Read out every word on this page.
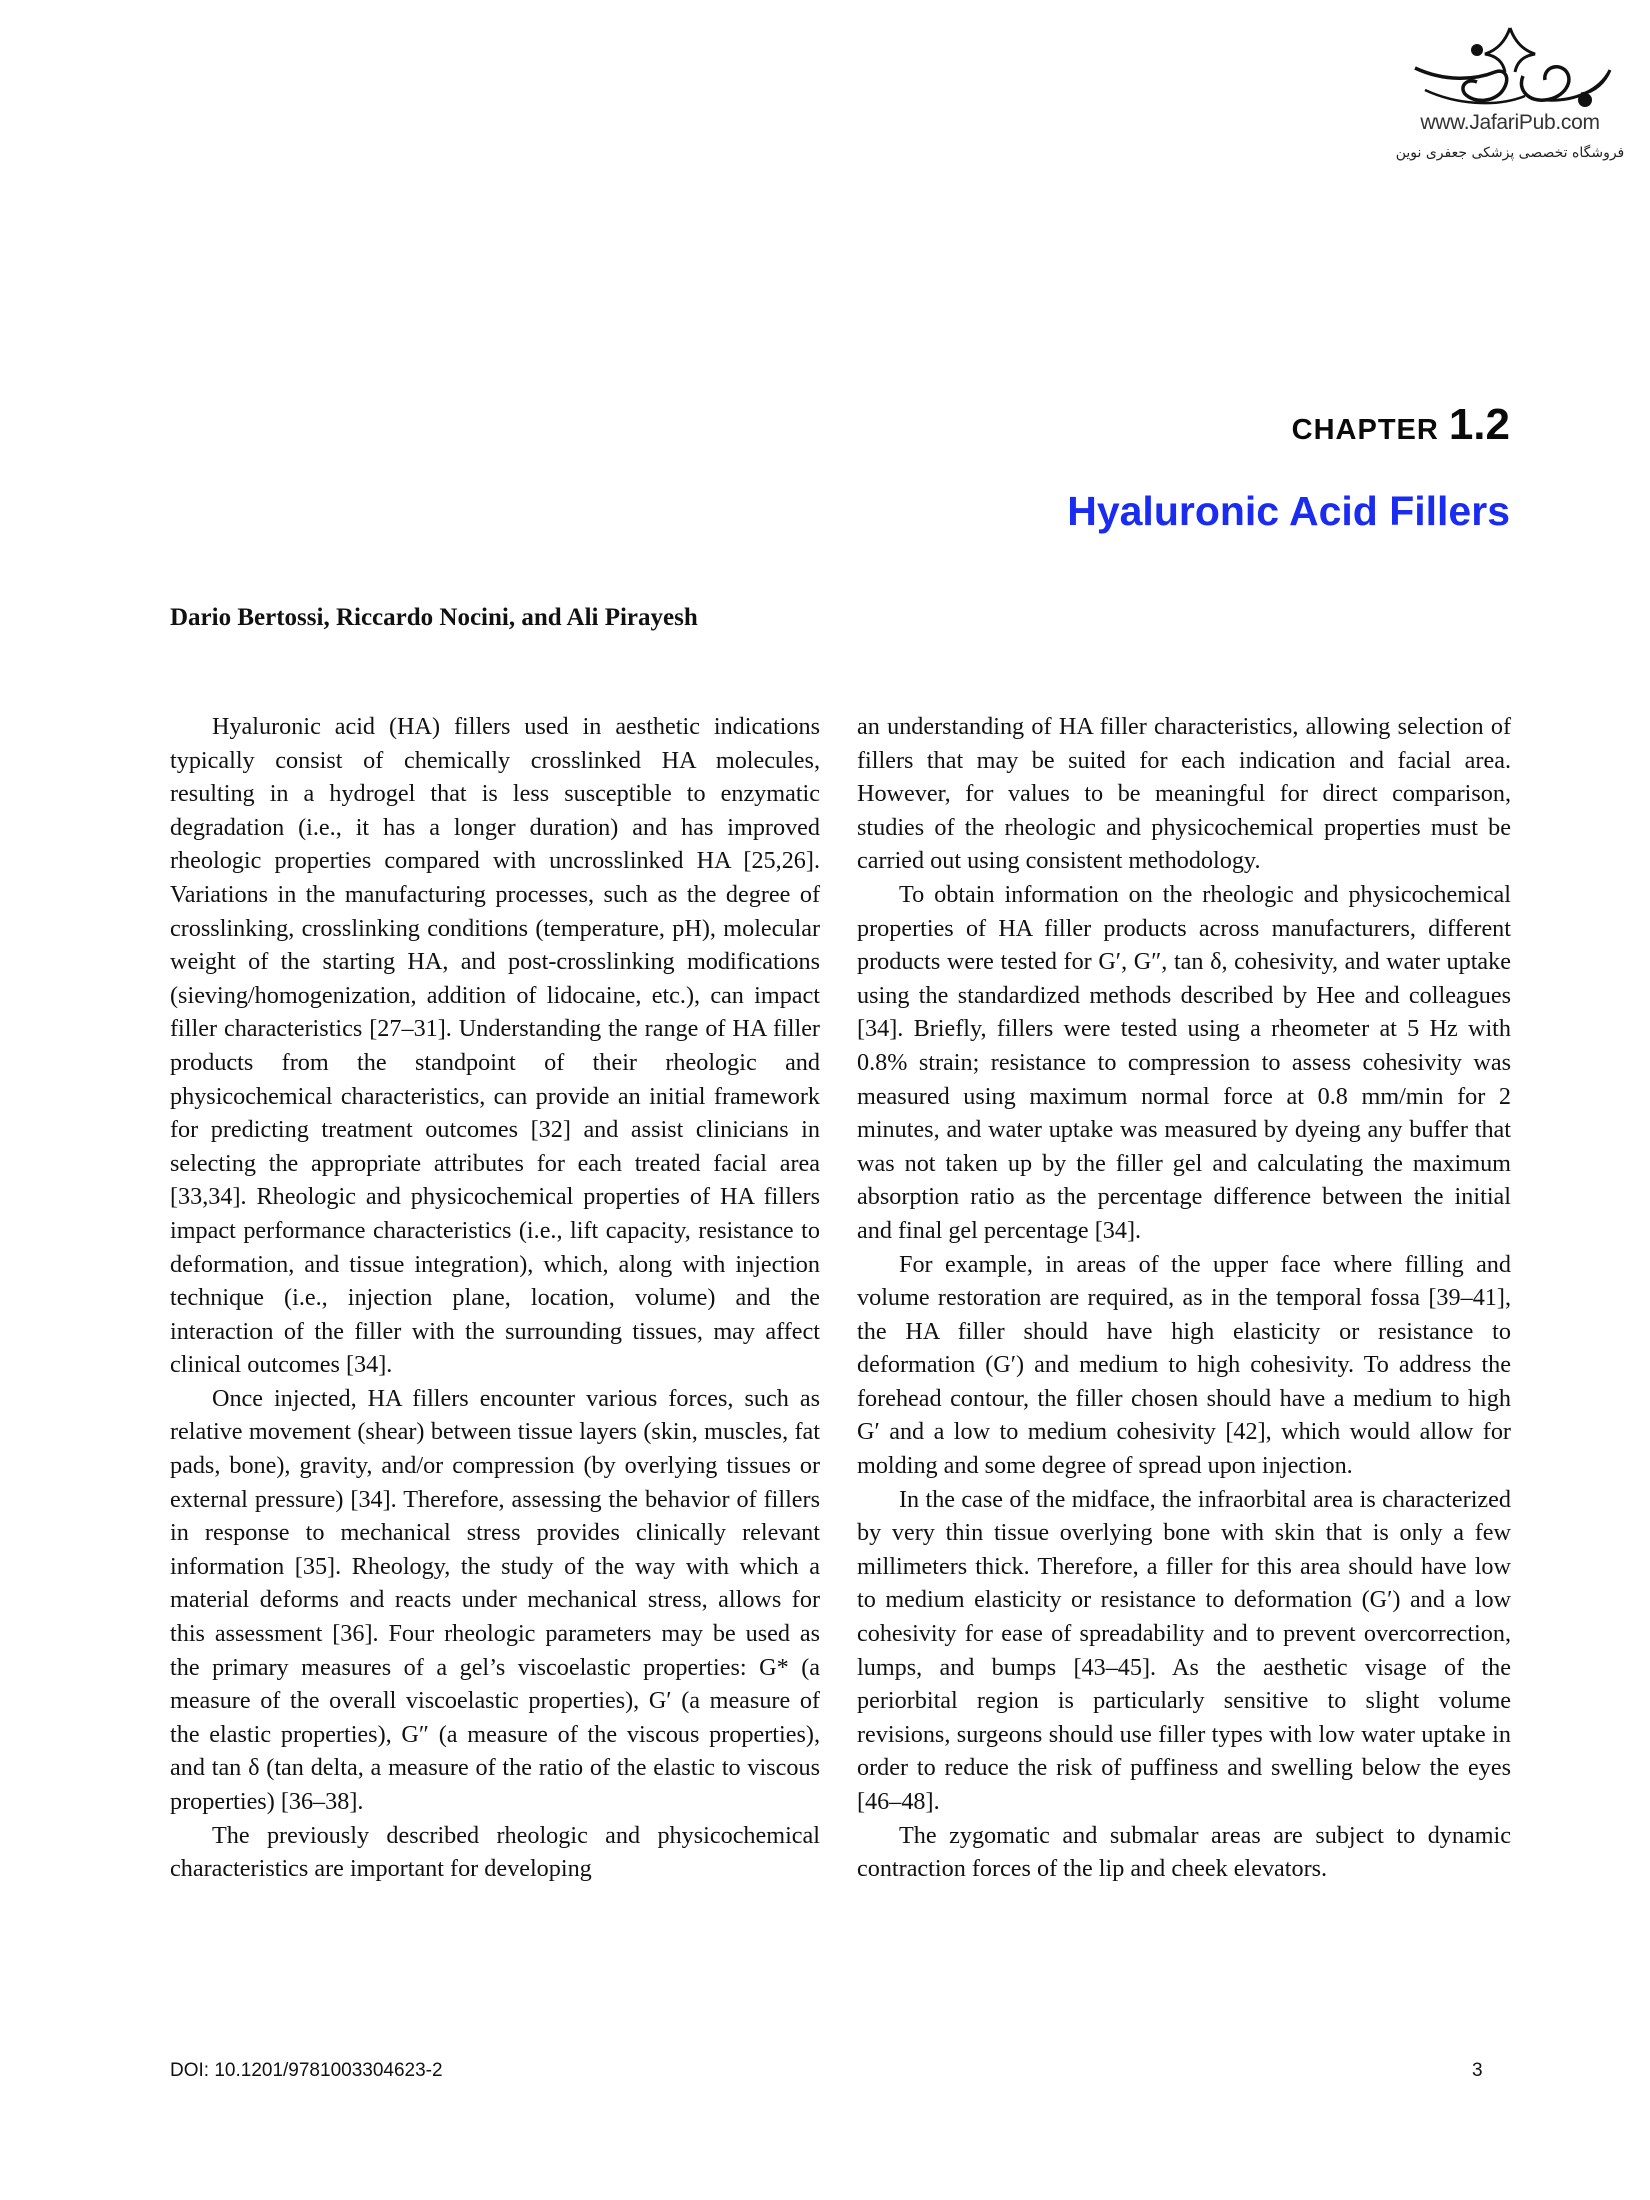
www.JafariPub.com
فروشگاه تخصصی پزشکی جعفری نوین
CHAPTER 1.2
Hyaluronic Acid Fillers
Dario Bertossi, Riccardo Nocini, and Ali Pirayesh

Hyaluronic acid (HA) fillers used in aesthetic indications typically consist of chemically crosslinked HA molecules, resulting in a hydrogel that is less susceptible to enzymatic degradation (i.e., it has a longer duration) and has improved rheologic properties compared with uncrosslinked HA [25,26]. Variations in the manufacturing processes, such as the degree of crosslinking, crosslinking conditions (temperature, pH), molecular weight of the starting HA, and post-crosslinking modifications (sieving/homogenization, addition of lidocaine, etc.), can impact filler characteristics [27–31]. Understanding the range of HA filler products from the standpoint of their rheologic and physicochemical characteristics, can provide an initial framework for predicting treatment outcomes [32] and assist clinicians in selecting the appropriate attributes for each treated facial area [33,34]. Rheologic and physicochemical properties of HA fillers impact performance characteristics (i.e., lift capacity, resistance to deformation, and tissue integration), which, along with injection technique (i.e., injection plane, location, volume) and the interaction of the filler with the surrounding tissues, may affect clinical outcomes [34].

Once injected, HA fillers encounter various forces, such as relative movement (shear) between tissue layers (skin, muscles, fat pads, bone), gravity, and/or compression (by overlying tissues or external pressure) [34]. Therefore, assessing the behavior of fillers in response to mechanical stress provides clinically relevant information [35]. Rheology, the study of the way with which a material deforms and reacts under mechanical stress, allows for this assessment [36]. Four rheologic parameters may be used as the primary measures of a gel’s viscoelastic properties: G* (a measure of the overall viscoelastic properties), G′ (a measure of the elastic properties), G″ (a measure of the viscous properties), and tan δ (tan delta, a measure of the ratio of the elastic to viscous properties) [36–38].

The previously described rheologic and physicochemical characteristics are important for developing

an understanding of HA filler characteristics, allowing selection of fillers that may be suited for each indication and facial area. However, for values to be meaningful for direct comparison, studies of the rheologic and physicochemical properties must be carried out using consistent methodology.

To obtain information on the rheologic and physicochemical properties of HA filler products across manufacturers, different products were tested for G′, G″, tan δ, cohesivity, and water uptake using the standardized methods described by Hee and colleagues [34]. Briefly, fillers were tested using a rheometer at 5 Hz with 0.8% strain; resistance to compression to assess cohesivity was measured using maximum normal force at 0.8 mm/min for 2 minutes, and water uptake was measured by dyeing any buffer that was not taken up by the filler gel and calculating the maximum absorption ratio as the percentage difference between the initial and final gel percentage [34].

For example, in areas of the upper face where filling and volume restoration are required, as in the temporal fossa [39–41], the HA filler should have high elasticity or resistance to deformation (G′) and medium to high cohesivity. To address the forehead contour, the filler chosen should have a medium to high G′ and a low to medium cohesivity [42], which would allow for molding and some degree of spread upon injection.

In the case of the midface, the infraorbital area is characterized by very thin tissue overlying bone with skin that is only a few millimeters thick. Therefore, a filler for this area should have low to medium elasticity or resistance to deformation (G′) and a low cohesivity for ease of spreadability and to prevent overcorrection, lumps, and bumps [43–45]. As the aesthetic visage of the periorbital region is particularly sensitive to slight volume revisions, surgeons should use filler types with low water uptake in order to reduce the risk of puffiness and swelling below the eyes [46–48].

The zygomatic and submalar areas are subject to dynamic contraction forces of the lip and cheek elevators.

DOI: 10.1201/9781003304623-2	3
